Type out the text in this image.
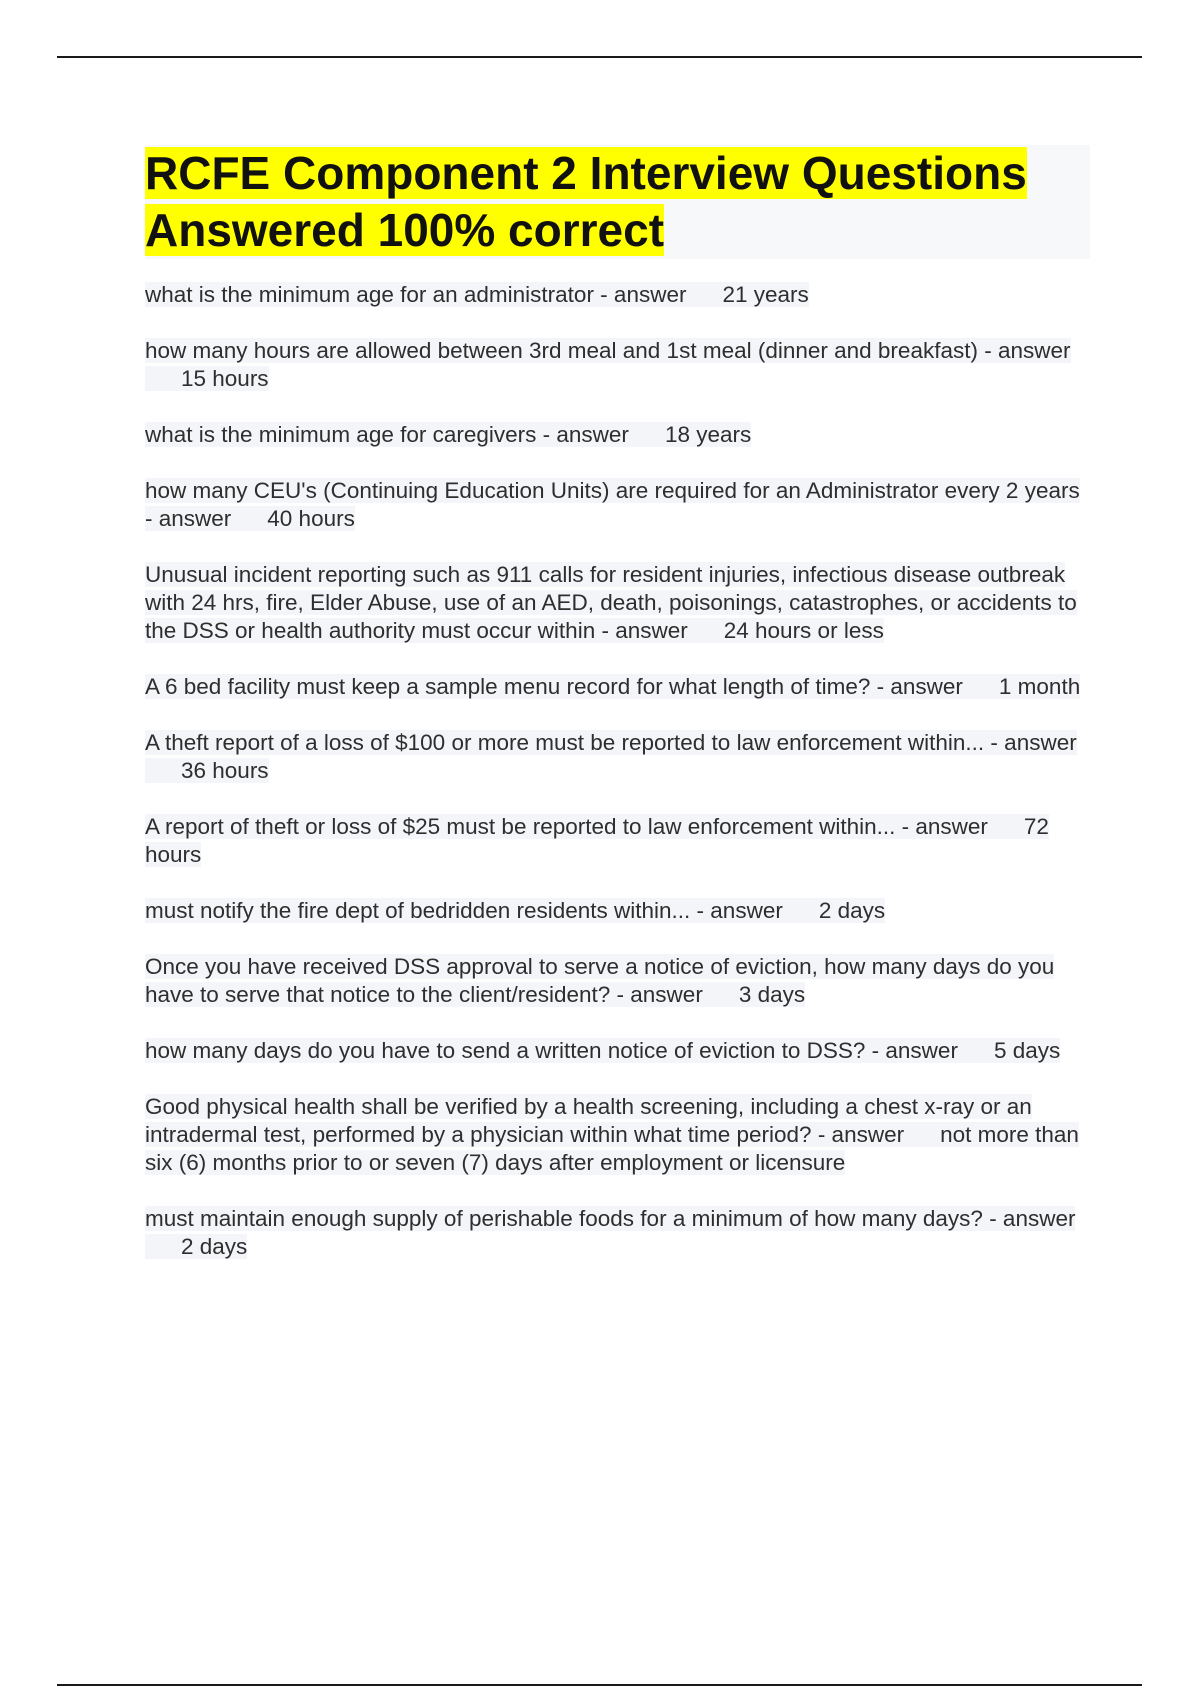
RCFE Component 2 Interview Questions
Answered 100% correct
what is the minimum age for an administrator - answer 21 years
how many hours are allowed between 3rd meal and 1st meal (dinner and breakfast) - answer15 hours
what is the minimum age for caregivers - answer 18 years
how many CEU's (Continuing Education Units) are required for an Administrator every 2 years - answer 40 hours
Unusual incident reporting such as 911 calls for resident injuries, infectious disease outbreak with 24 hrs, fire, Elder Abuse, use of an AED, death, poisonings, catastrophes, or accidents to the DSS or health authority must occur within - answer 24 hours or less
A 6 bed facility must keep a sample menu record for what length of time? - answer 1 month
A theft report of a loss of $100 or more must be reported to law enforcement within... - answer36 hours
A report of theft or loss of $25 must be reported to law enforcement within... - answer 72 hours
must notify the fire dept of bedridden residents within... - answer 2 days
Once you have received DSS approval to serve a notice of eviction, how many days do you have to serve that notice to the client/resident? - answer 3 days
how many days do you have to send a written notice of eviction to DSS? - answer 5 days
Good physical health shall be verified by a health screening, including a chest x-ray or an intradermal test, performed by a physician within what time period? - answer not more than six (6) months prior to or seven (7) days after employment or licensure
must maintain enough supply of perishable foods for a minimum of how many days? - answer2 days
